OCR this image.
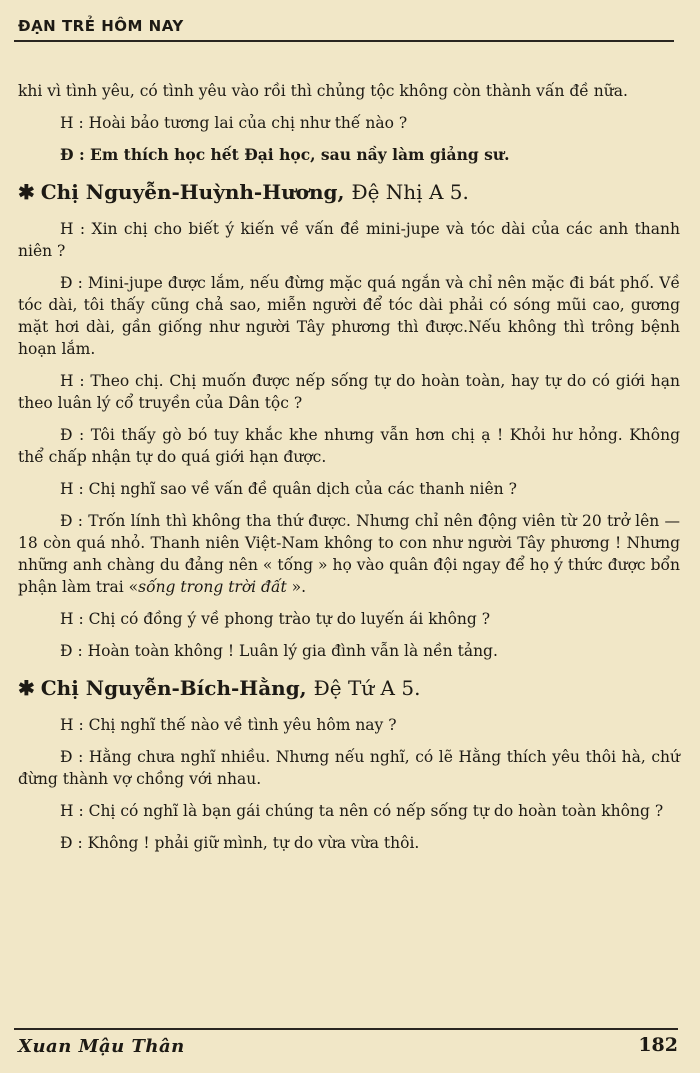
ĐẠN TRẺ HÔM NAY

khi vì tình yêu, có tình yêu vào rồi thì chủng tộc không còn thành vấn đề nữa.

H : Hoài bảo tương lai của chị như thế nào ?

Đ : Em thích học hết Đại học, sau nầy làm giảng sư.

✱ Chị Nguyễn-Huỳnh-Hương, Đệ Nhị A 5.

H : Xin chị cho biết ý kiến về vấn đề mini-jupe và tóc dài của các anh thanh niên ?

Đ : Mini-jupe được lắm, nếu đừng mặc quá ngắn và chỉ nên mặc đi bát phố. Về tóc dài, tôi thấy cũng chả sao, miễn người để tóc dài phải có sóng mũi cao, gương mặt hơi dài, gần giống như người Tây phương thì được.Nếu không thì trông bệnh hoạn lắm.

H : Theo chị. Chị muốn được nếp sống tự do hoàn toàn, hay tự do có giới hạn theo luân lý cổ truyền của Dân tộc ?

Đ : Tôi thấy gò bó tuy khắc khe nhưng vẫn hơn chị ạ ! Khỏi hư hỏng. Không thể chấp nhận tự do quá giới hạn được.

H : Chị nghĩ sao về vấn đề quân dịch của các thanh niên ?

Đ : Trốn lính thì không tha thứ được. Nhưng chỉ nên động viên từ 20 trở lên — 18 còn quá nhỏ. Thanh niên Việt-Nam không to con như người Tây phương ! Nhưng những anh chàng du đảng nên « tống » họ vào quân đội ngay để họ ý thức được bổn phận làm trai «sống trong trời đất ».

H : Chị có đồng ý về phong trào tự do luyến ái không ?

Đ : Hoàn toàn không ! Luân lý gia đình vẫn là nền tảng.

✱ Chị Nguyễn-Bích-Hằng, Đệ Tứ A 5.

H : Chị nghĩ thế nào về tình yêu hôm nay ?

Đ : Hằng chưa nghĩ nhiều. Nhưng nếu nghĩ, có lẽ Hằng thích yêu thôi hà, chứ đừng thành vợ chồng với nhau.

H : Chị có nghĩ là bạn gái chúng ta nên có nếp sống tự do hoàn toàn không ?

Đ : Không ! phải giữ mình, tự do vừa vừa thôi.

Xuan Mậu Thân	182
